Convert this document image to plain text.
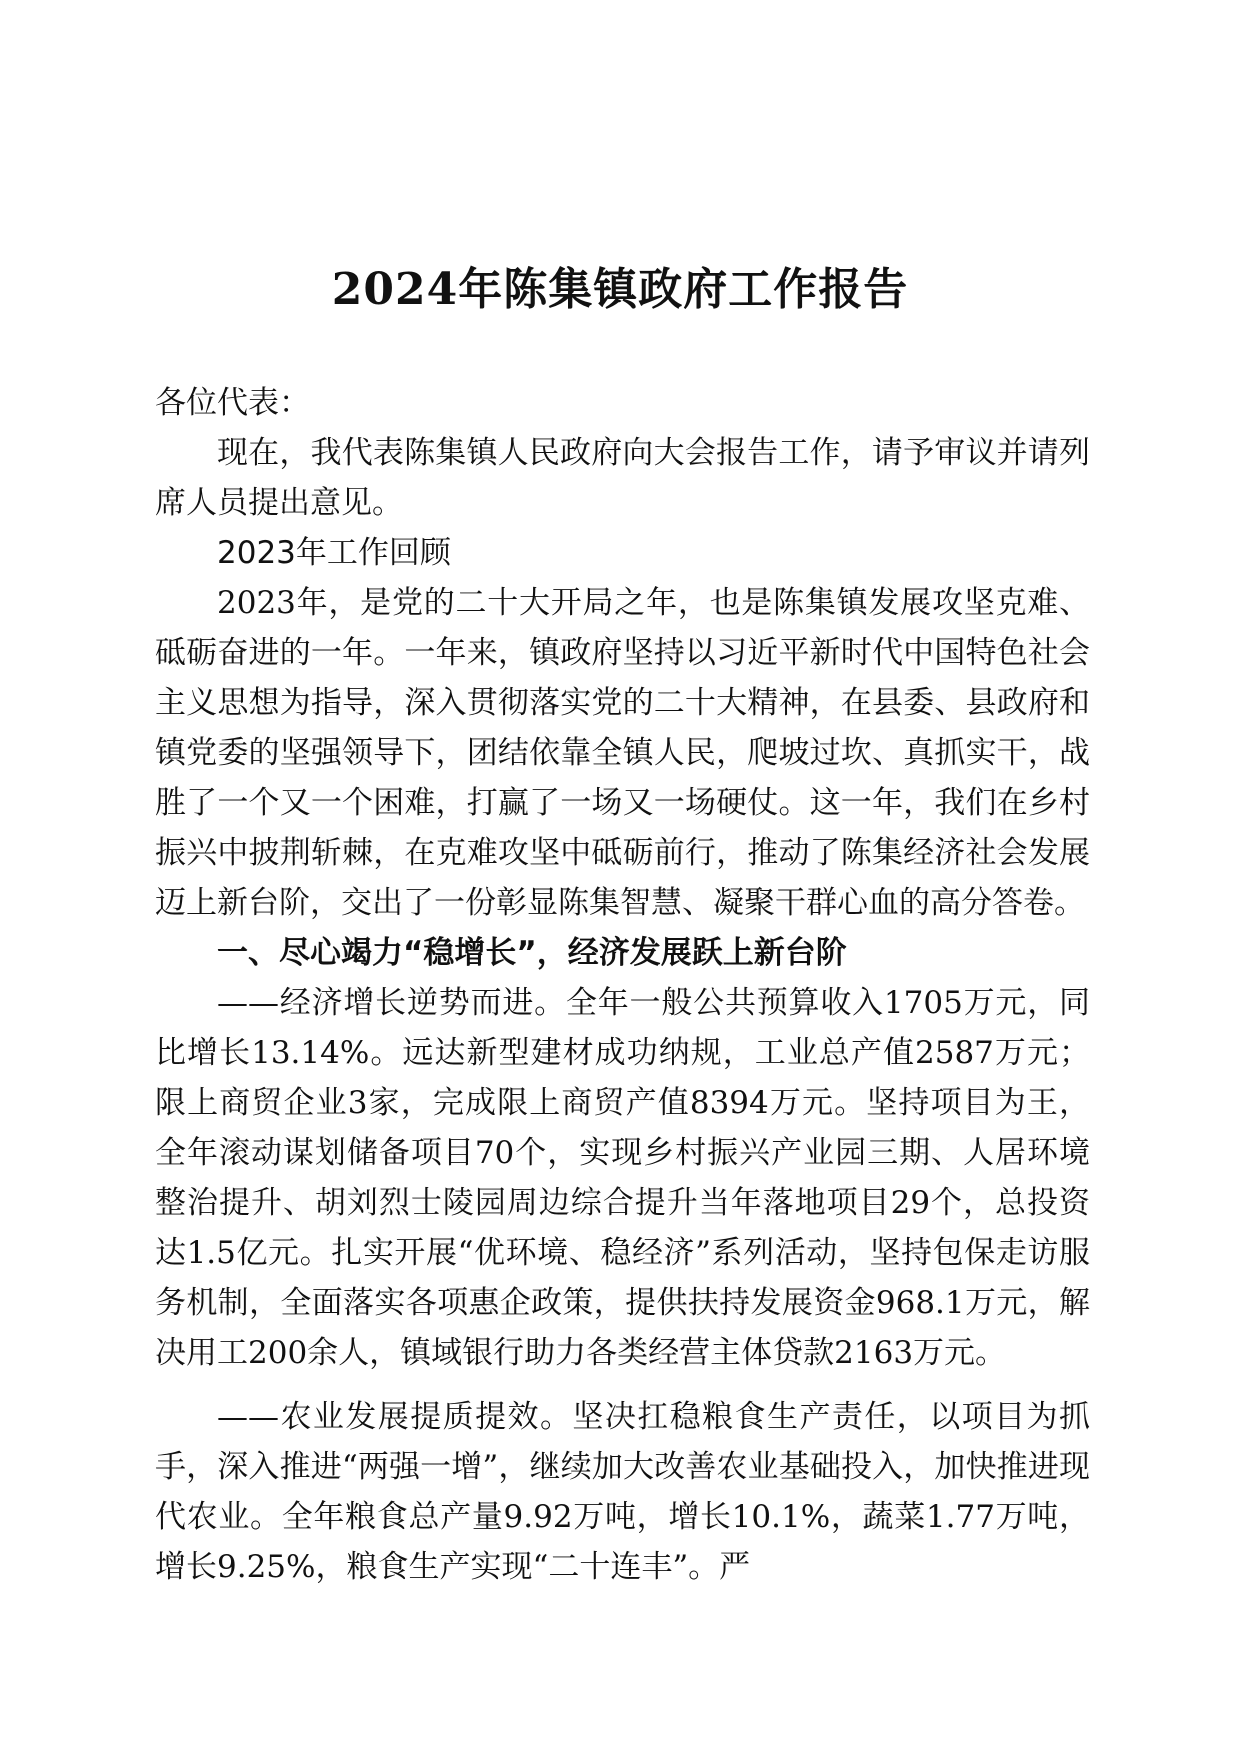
2024年陈集镇政府工作报告

各位代表：

现在，我代表陈集镇人民政府向大会报告工作，请予审议并请列席人员提出意见。

2023年工作回顾

2023年，是党的二十大开局之年，也是陈集镇发展攻坚克难、砥砺奋进的一年。一年来，镇政府坚持以习近平新时代中国特色社会主义思想为指导，深入贯彻落实党的二十大精神，在县委、县政府和镇党委的坚强领导下，团结依靠全镇人民，爬坡过坎、真抓实干，战胜了一个又一个困难，打赢了一场又一场硬仗。这一年，我们在乡村振兴中披荆斩棘，在克难攻坚中砥砺前行，推动了陈集经济社会发展迈上新台阶，交出了一份彰显陈集智慧、凝聚干群心血的高分答卷。

一、尽心竭力“稳增长”，经济发展跃上新台阶

——经济增长逆势而进。全年一般公共预算收入1705万元，同比增长13.14%。远达新型建材成功纳规，工业总产值2587万元；限上商贸企业3家，完成限上商贸产值8394万元。坚持项目为王，全年滚动谋划储备项目70个，实现乡村振兴产业园三期、人居环境整治提升、胡刘烈士陵园周边综合提升当年落地项目29个，总投资达1.5亿元。扎实开展“优环境、稳经济”系列活动，坚持包保走访服务机制，全面落实各项惠企政策，提供扶持发展资金968.1万元，解决用工200余人，镇域银行助力各类经营主体贷款2163万元。

——农业发展提质提效。坚决扛稳粮食生产责任，以项目为抓手，深入推进“两强一增”，继续加大改善农业基础投入，加快推进现代农业。全年粮食总产量9.92万吨，增长10.1%，蔬菜1.77万吨，增长9.25%，粮食生产实现“二十连丰”。严
